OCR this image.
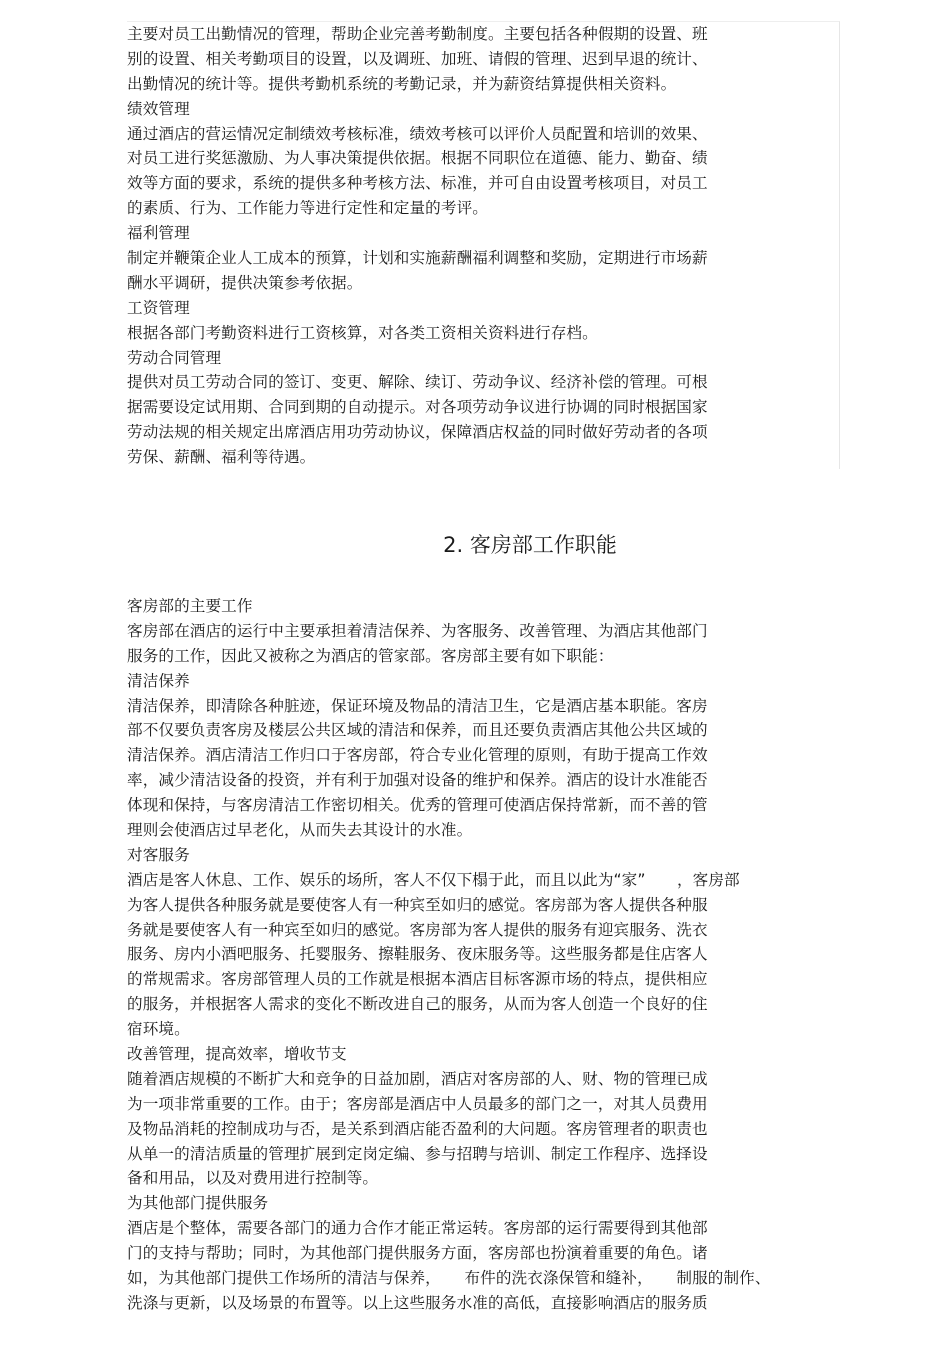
主要对员工出勤情况的管理，帮助企业完善考勤制度。主要包括各种假期的设置、班
别的设置、相关考勤项目的设置，以及调班、加班、请假的管理、迟到早退的统计、
出勤情况的统计等。提供考勤机系统的考勤记录，并为薪资结算提供相关资料。
绩效管理
通过酒店的营运情况定制绩效考核标准，绩效考核可以评价人员配置和培训的效果、
对员工进行奖惩激励、为人事决策提供依据。根据不同职位在道德、能力、勤奋、绩
效等方面的要求，系统的提供多种考核方法、标准，并可自由设置考核项目，对员工
的素质、行为、工作能力等进行定性和定量的考评。
福利管理
制定并鞭策企业人工成本的预算，计划和实施薪酬福利调整和奖励，定期进行市场薪
酬水平调研，提供决策参考依据。
工资管理
根据各部门考勤资料进行工资核算，对各类工资相关资料进行存档。
劳动合同管理
提供对员工劳动合同的签订、变更、解除、续订、劳动争议、经济补偿的管理。可根
据需要设定试用期、合同到期的自动提示。对各项劳动争议进行协调的同时根据国家
劳动法规的相关规定出席酒店用功劳动协议，保障酒店权益的同时做好劳动者的各项
劳保、薪酬、福利等待遇。
2. 客房部工作职能
客房部的主要工作
客房部在酒店的运行中主要承担着清洁保养、为客服务、改善管理、为酒店其他部门
服务的工作，因此又被称之为酒店的管家部。客房部主要有如下职能：
清洁保养
清洁保养，即清除各种脏迹，保证环境及物品的清洁卫生，它是酒店基本职能。客房
部不仅要负责客房及楼层公共区域的清洁和保养，而且还要负责酒店其他公共区域的
清洁保养。酒店清洁工作归口于客房部，符合专业化管理的原则，有助于提高工作效
率，减少清洁设备的投资，并有利于加强对设备的维护和保养。酒店的设计水准能否
体现和保持，与客房清洁工作密切相关。优秀的管理可使酒店保持常新，而不善的管
理则会使酒店过早老化，从而失去其设计的水准。
对客服务
酒店是客人休息、工作、娱乐的场所，客人不仅下榻于此，而且以此为“家”　　，客房部
为客人提供各种服务就是要使客人有一种宾至如归的感觉。客房部为客人提供各种服
务就是要使客人有一种宾至如归的感觉。客房部为客人提供的服务有迎宾服务、洗衣
服务、房内小酒吧服务、托婴服务、擦鞋服务、夜床服务等。这些服务都是住店客人
的常规需求。客房部管理人员的工作就是根据本酒店目标客源市场的特点，提供相应
的服务，并根据客人需求的变化不断改进自己的服务，从而为客人创造一个良好的住
宿环境。
改善管理，提高效率，增收节支
随着酒店规模的不断扩大和竞争的日益加剧，酒店对客房部的人、财、物的管理已成
为一项非常重要的工作。由于；客房部是酒店中人员最多的部门之一，对其人员费用
及物品消耗的控制成功与否，是关系到酒店能否盈利的大问题。客房管理者的职责也
从单一的清洁质量的管理扩展到定岗定编、参与招聘与培训、制定工作程序、选择设
备和用品，以及对费用进行控制等。
为其他部门提供服务
酒店是个整体，需要各部门的通力合作才能正常运转。客房部的运行需要得到其他部
门的支持与帮助；同时，为其他部门提供服务方面，客房部也扮演着重要的角色。诸
如，为其他部门提供工作场所的清洁与保养，　　布件的洗衣涤保管和缝补，　　制服的制作、
洗涤与更新，以及场景的布置等。以上这些服务水准的高低，直接影响酒店的服务质
